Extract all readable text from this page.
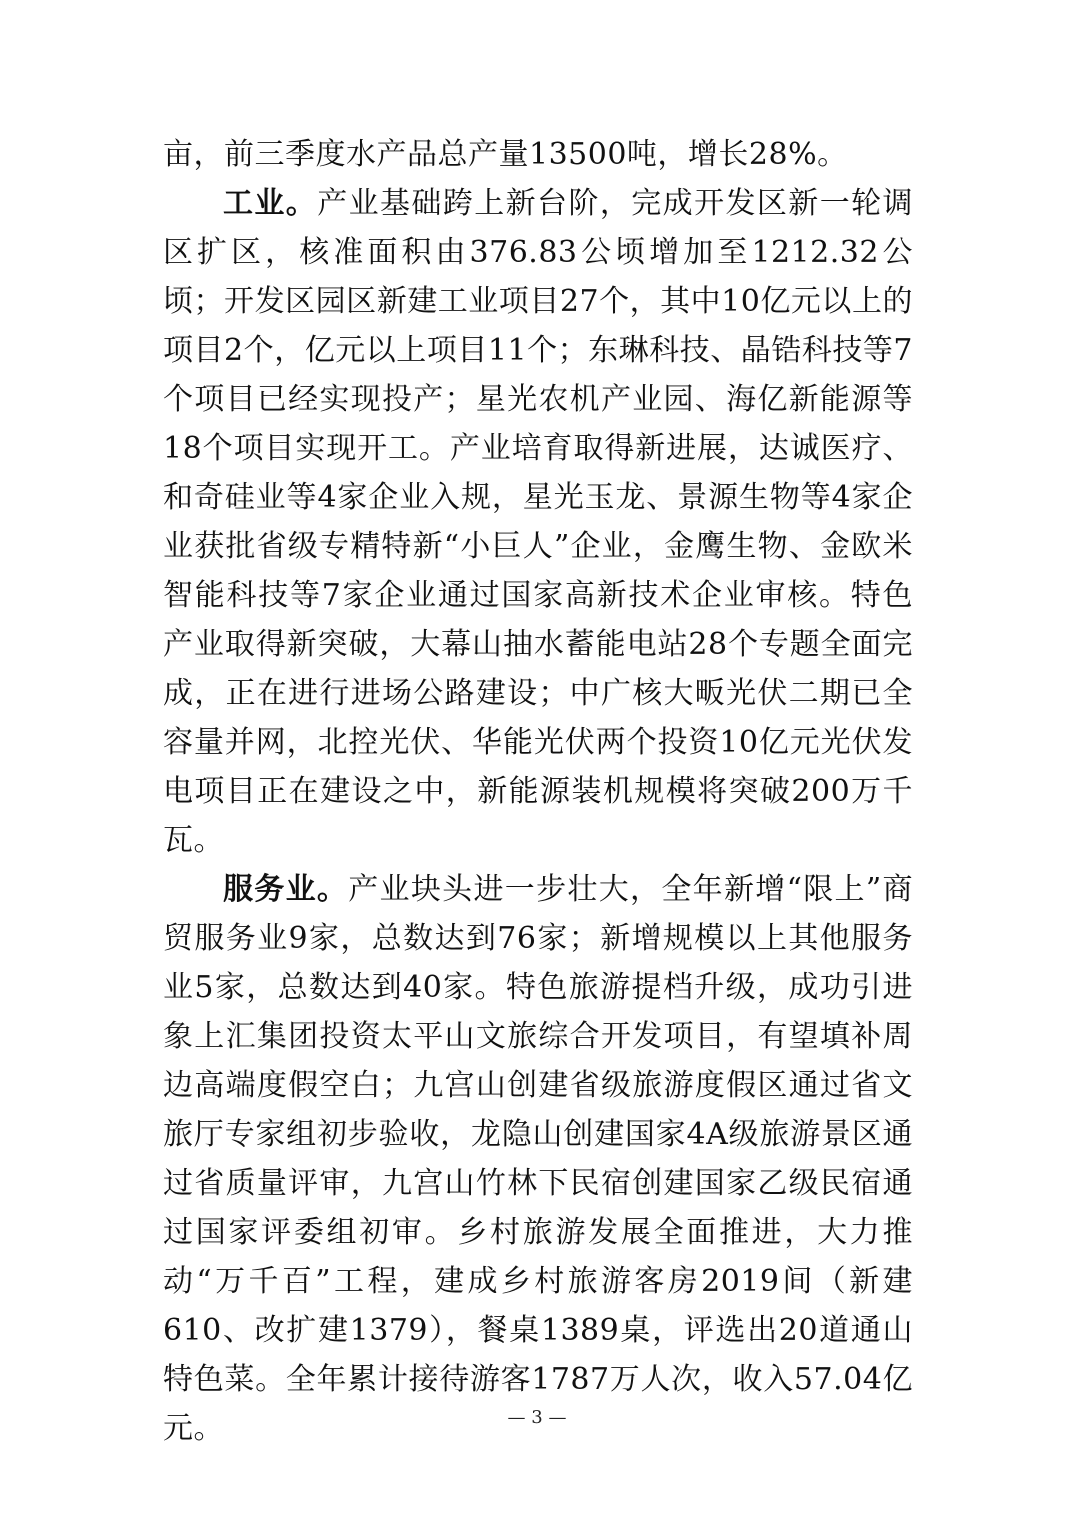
亩，前三季度水产品总产量13500吨，增长28%。

工业。产业基础跨上新台阶，完成开发区新一轮调区扩区，核准面积由376.83公顷增加至1212.32公顷；开发区园区新建工业项目27个，其中10亿元以上的项目2个，亿元以上项目11个；东琳科技、晶锆科技等7个项目已经实现投产；星光农机产业园、海亿新能源等18个项目实现开工。产业培育取得新进展，达诚医疗、和奇硅业等4家企业入规，星光玉龙、景源生物等4家企业获批省级专精特新“小巨人”企业，金鹰生物、金欧米智能科技等7家企业通过国家高新技术企业审核。特色产业取得新突破，大幕山抽水蓄能电站28个专题全面完成，正在进行进场公路建设；中广核大畈光伏二期已全容量并网，北控光伏、华能光伏两个投资10亿元光伏发电项目正在建设之中，新能源装机规模将突破200万千瓦。

服务业。产业块头进一步壮大，全年新增“限上”商贸服务业9家，总数达到76家；新增规模以上其他服务业5家，总数达到40家。特色旅游提档升级，成功引进象上汇集团投资太平山文旅综合开发项目，有望填补周边高端度假空白；九宫山创建省级旅游度假区通过省文旅厅专家组初步验收，龙隐山创建国家4A级旅游景区通过省质量评审，九宫山竹林下民宿创建国家乙级民宿通过国家评委组初审。乡村旅游发展全面推进，大力推动“万千百”工程，建成乡村旅游客房2019间（新建610、改扩建1379），餐桌1389桌，评选出20道通山特色菜。全年累计接待游客1787万人次，收入57.04亿元。	— 3 —
